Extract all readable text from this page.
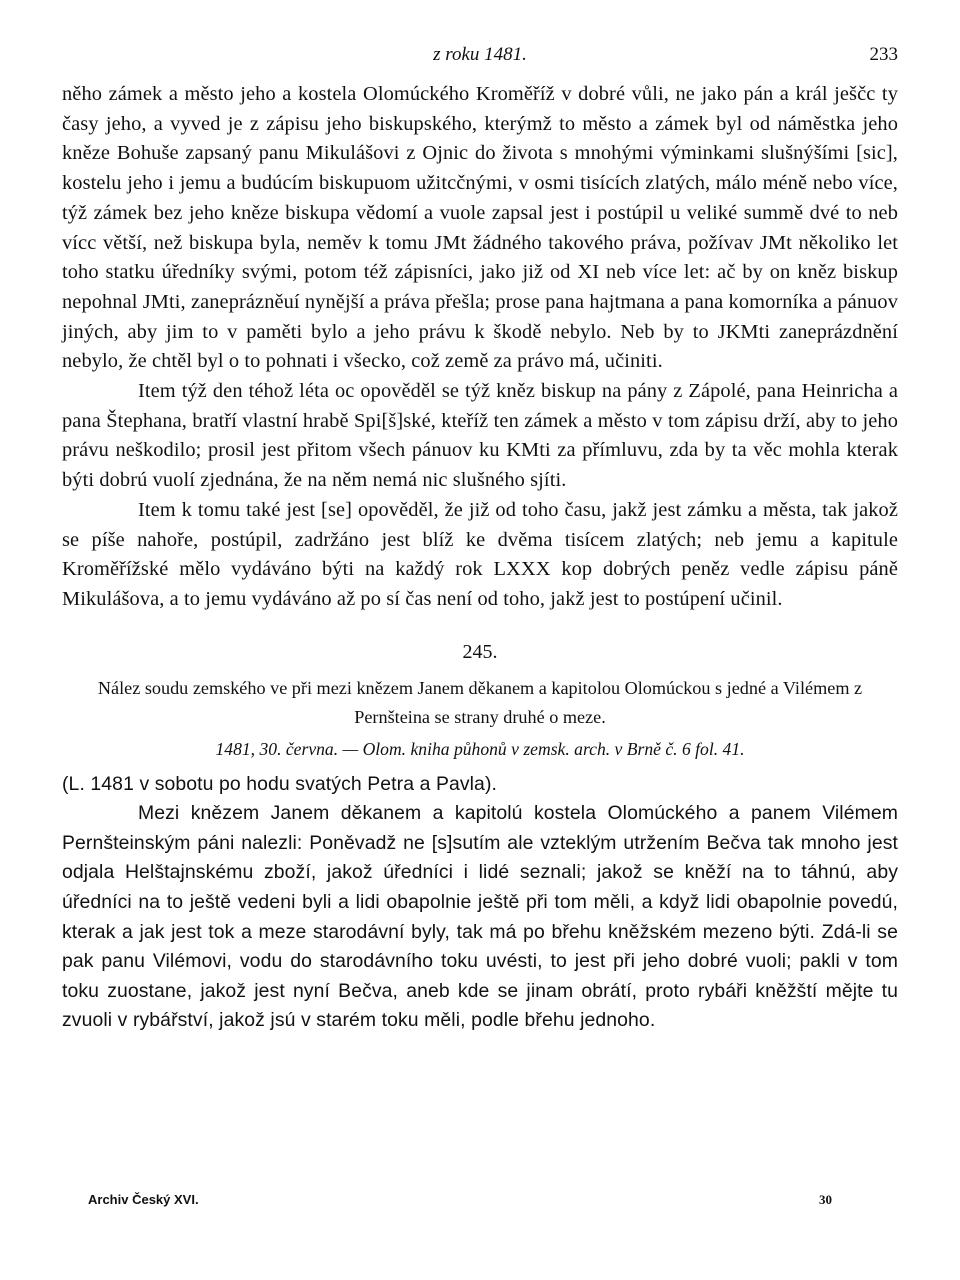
z roku 1481.	233

něho zámek a město jeho a kostela Olomúckého Kroměříž v dobré vůli, ne jako pán a král ješčc ty časy jeho, a vyved je z zápisu jeho biskupského, kterýmž to město a zámek byl od náměstka jeho kněze Bohuše zapsaný panu Mikulášovi z Ojnic do života s mnohými výminkami slušnýšími [sic], kostelu jeho i jemu a budúcím biskupuom užitcčnými, v osmi tisících zlatých, málo méně nebo více, týž zámek bez jeho kněze biskupa vědomí a vuole zapsal jest i postúpil u veliké summě dvé to neb vícc větší, než biskupa byla, neměv k tomu JMt žádného takového práva, požívav JMt několiko let toho statku úředníky svými, potom též zápisníci, jako již od XI neb více let: ač by on kněz biskup nepohnal JMti, zaneprázněuí nynější a práva přešla; prose pana hajtmana a pana komorníka a pánuov jiných, aby jim to v paměti bylo a jeho právu k škodě nebylo. Neb by to JKMti zaneprázdnění nebylo, že chtěl byl o to pohnati i všecko, což země za právo má, učiniti.

Item týž den téhož léta oc opověděl se týž kněz biskup na pány z Zápolé, pana Heinricha a pana Štephana, bratří vlastní hrabě Spi[š]ské, kteříž ten zámek a město v tom zápisu drží, aby to jeho právu neškodilo; prosil jest přitom všech pánuov ku KMti za přímluvu, zda by ta věc mohla kterak býti dobrú vuolí zjednána, že na něm nemá nic slušného sjíti.

Item k tomu také jest [se] opověděl, že již od toho času, jakž jest zámku a města, tak jakož se píše nahoře, postúpil, zadržáno jest blíž ke dvěma tisícem zlatých; neb jemu a kapitule Kroměřížské mělo vydáváno býti na každý rok LXXX kop dobrých peněz vedle zápisu páně Mikulášova, a to jemu vydáváno až po sí čas není od toho, jakž jest to postúpení učinil.

245.

Nález soudu zemského ve při mezi knězem Janem děkanem a kapitolou Olomúckou s jedné a Vilémem z Pernšteina se strany druhé o meze.

1481, 30. června. — Olom. kniha půhonů v zemsk. arch. v Brně č. 6 fol. 41.

(L. 1481 v sobotu po hodu svatých Petra a Pavla).

Mezi knězem Janem děkanem a kapitolú kostela Olomúckého a panem Vilémem Pernšteinským páni nalezli: Poněvadž ne [s]sutím ale vzteklým utržením Bečva tak mnoho jest odjala Helštajnskému zboží, jakož úředníci i lidé seznali; jakož se kněží na to táhnú, aby úředníci na to ještě vedeni byli a lidi obapolnie ještě při tom měli, a když lidi obapolnie povedú, kterak a jak jest tok a meze starodávní byly, tak má po břehu kněžském mezeno býti. Zdá-li se pak panu Vilémovi, vodu do starodávního toku uvésti, to jest při jeho dobré vuoli; pakli v tom toku zuostane, jakož jest nyní Bečva, aneb kde se jinam obrátí, proto rybáři kněžští mějte tu zvuoli v rybářství, jakož jsú v starém toku měli, podle břehu jednoho.

Archiv Český XVI.	30
